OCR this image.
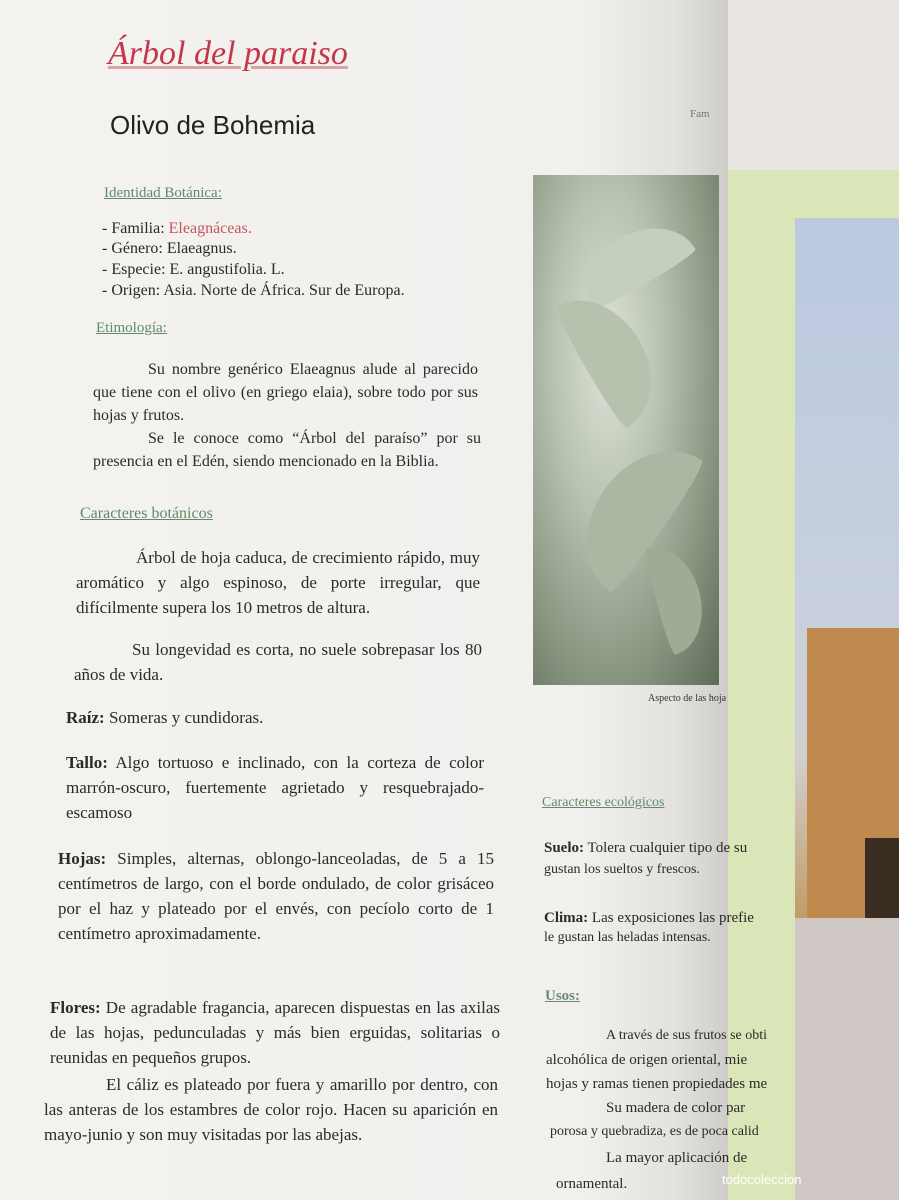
Árbol del paraiso
Olivo de Bohemia	Fam
Identidad Botánica:
- Familia: Eleagnáceas.
- Género: Elaeagnus.
- Especie: E. angustifolia. L.
- Origen: Asia. Norte de África. Sur de Europa.
Etimología:
Su nombre genérico Elaeagnus alude al parecido que tiene con el olivo (en griego elaia), sobre todo por sus hojas y frutos.
Se le conoce como “Árbol del paraíso” por su presencia en el Edén, siendo mencionado en la Biblia.
Caracteres botánicos
Árbol de hoja caduca, de crecimiento rápido, muy aromático y algo espinoso, de porte irregular, que difícilmente supera los 10 metros de altura.
Su longevidad es corta, no suele sobrepasar los 80 años de vida.
Raíz: Someras y cundidoras.
Tallo: Algo tortuoso e inclinado, con la corteza de color marrón-oscuro, fuertemente agrietado y resquebrajado-escamoso
Hojas: Simples, alternas, oblongo-lanceoladas, de 5 a 15 centímetros de largo, con el borde ondulado, de color grisáceo por el haz y plateado por el envés, con pecíolo corto de 1 centímetro aproximadamente.
Flores: De agradable fragancia, aparecen dispuestas en las axilas de las hojas, pedunculadas y más bien erguidas, solitarias o reunidas en pequeños grupos.
El cáliz es plateado por fuera y amarillo por dentro, con las anteras de los estambres de color rojo. Hacen su aparición en mayo-junio y son muy visitadas por las abejas.
Aspecto de las hoja
Caracteres ecológicos
Suelo: Tolera cualquier tipo de su
gustan los sueltos y frescos.
Clima: Las exposiciones las prefie
le gustan las heladas intensas.
Usos:
A través de sus frutos se obti
alcohólica de origen oriental, mie
hojas y ramas tienen propiedades me
Su madera de color par
porosa y quebradiza, es de poca calid
La mayor aplicación de
ornamental.	todocoleccion
